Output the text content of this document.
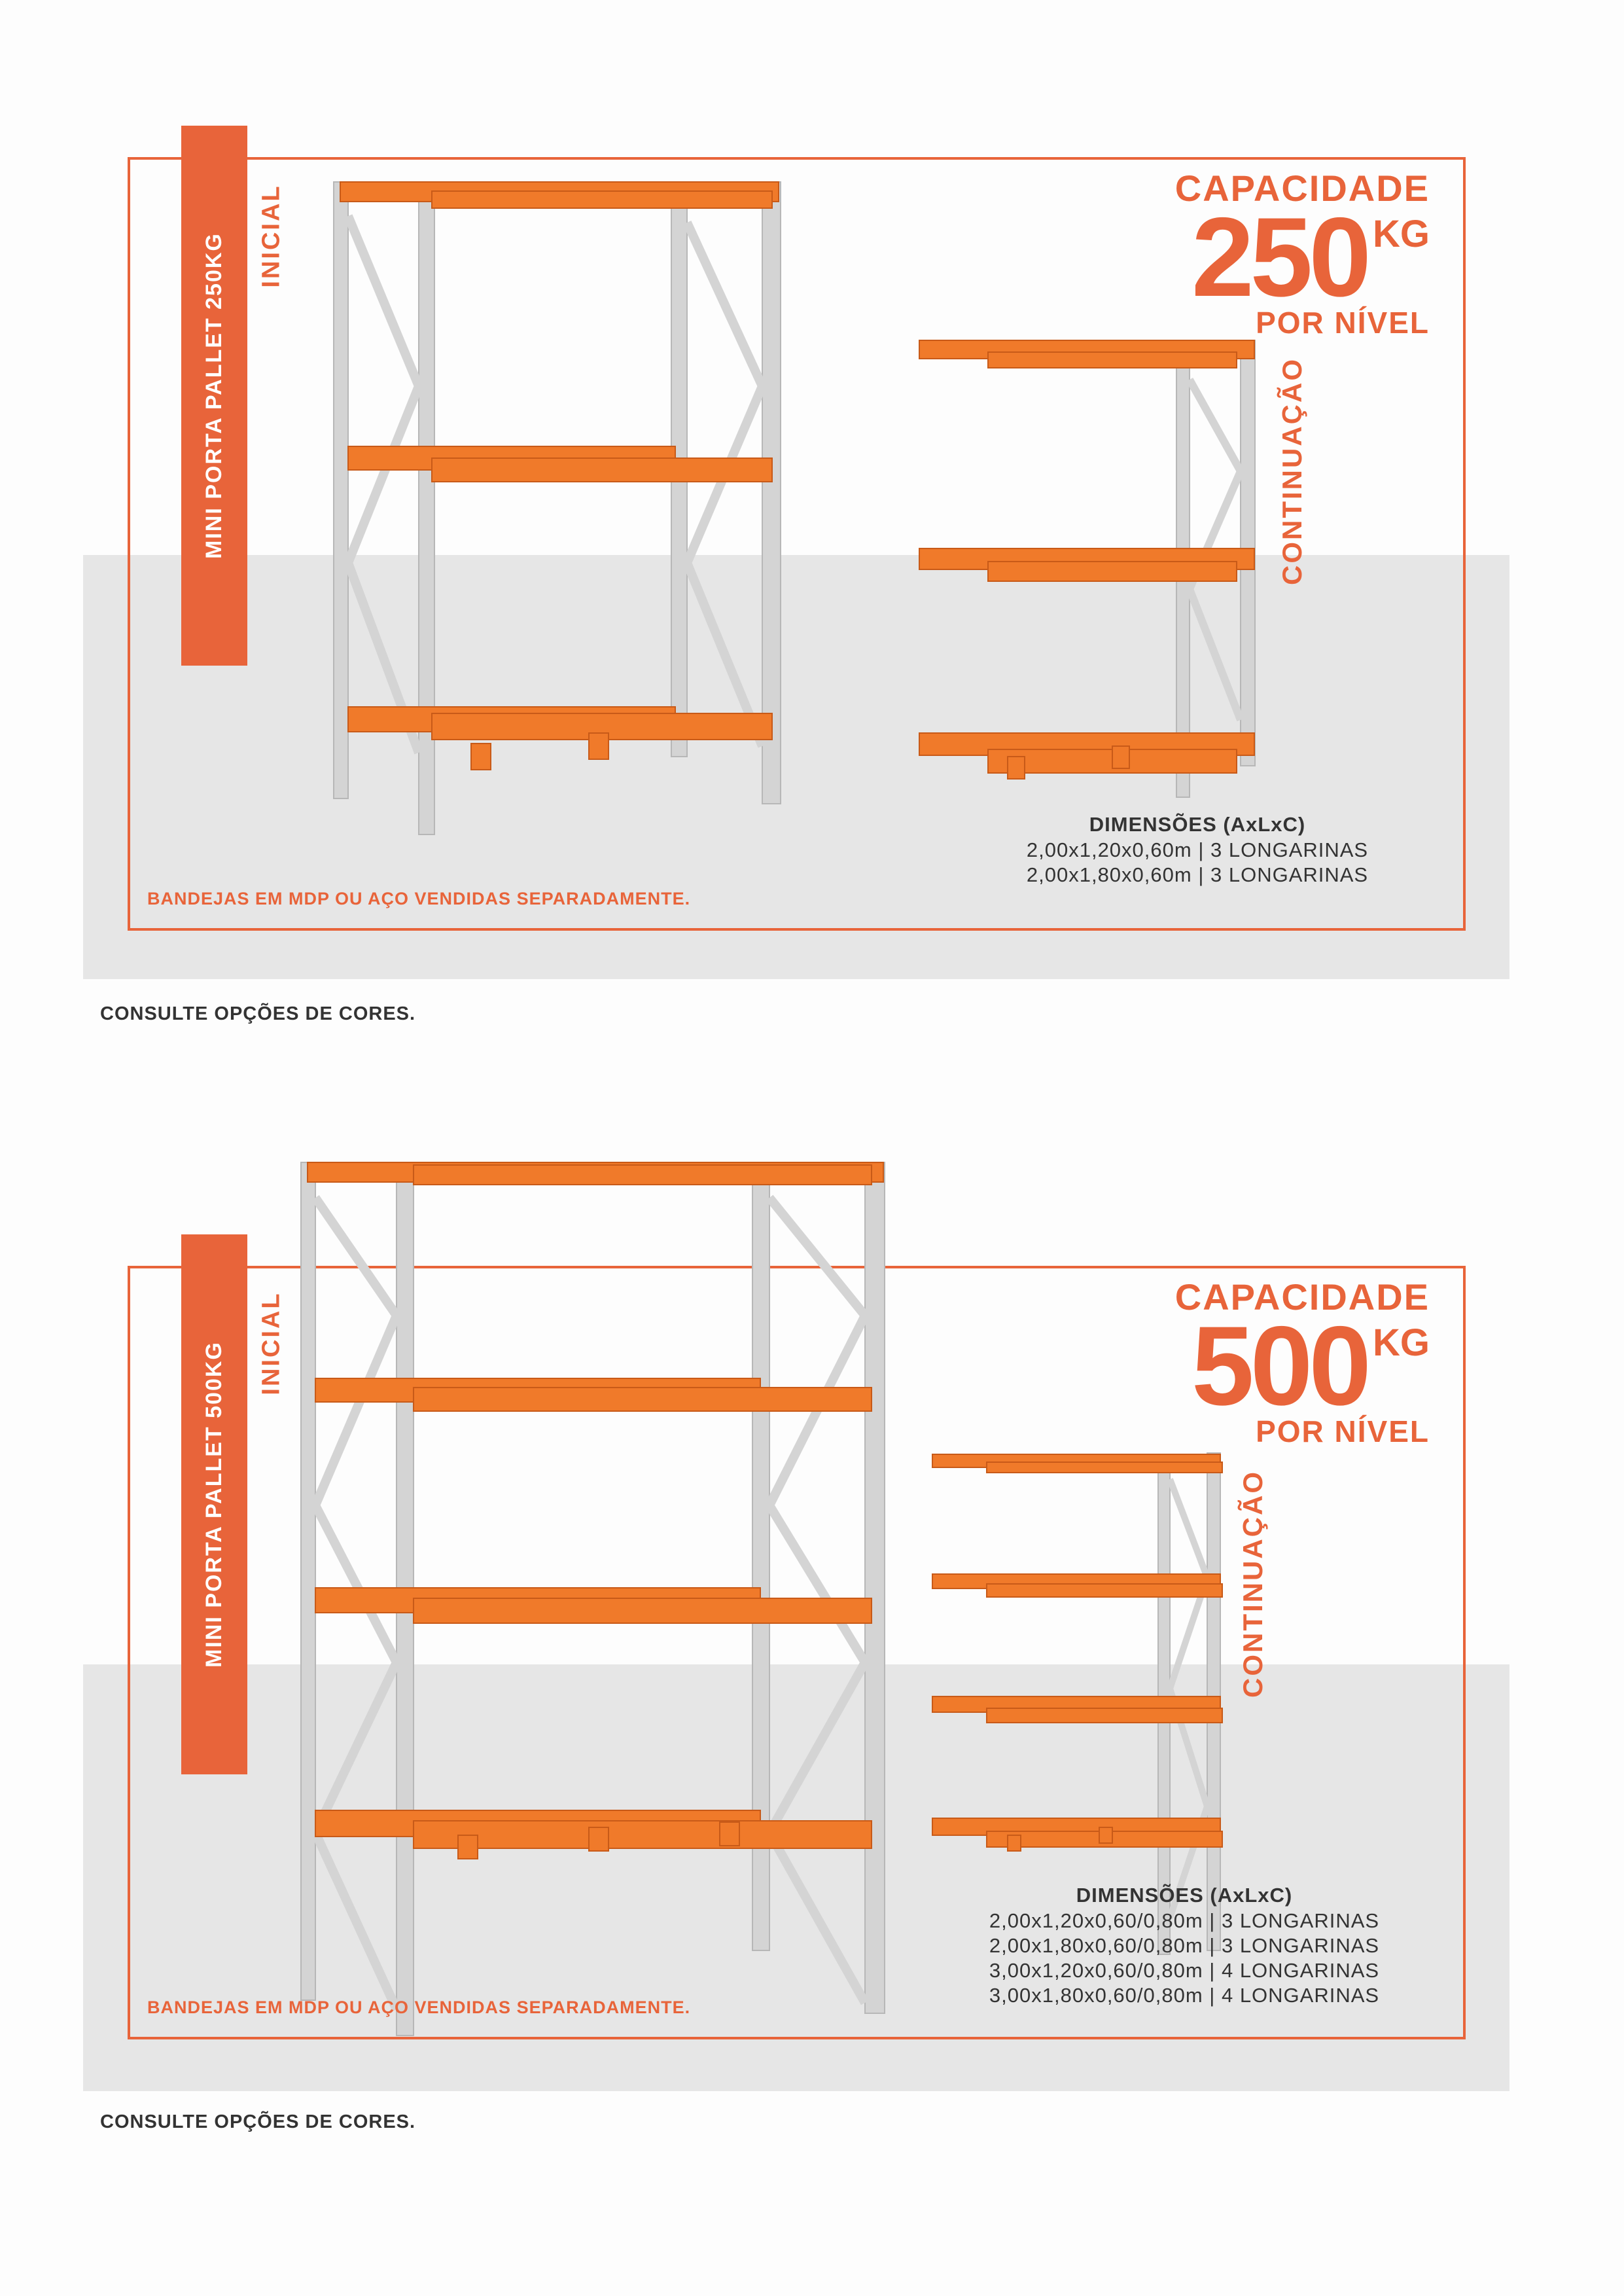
MINI PORTA PALLET 250KG INICIAL
CONTINUAÇÃO
CAPACIDADE
250 KG
POR NÍVEL
DIMENSÕES (AxLxC)
2,00x1,20x0,60m | 3 LONGARINAS
2,00x1,80x0,60m | 3 LONGARINAS
BANDEJAS EM MDP OU AÇO VENDIDAS SEPARADAMENTE.
CONSULTE OPÇÕES DE CORES.
MINI PORTA PALLET 500KG INICIAL
CONTINUAÇÃO
CAPACIDADE
500 KG
POR NÍVEL
DIMENSÕES (AxLxC)
2,00x1,20x0,60/0,80m | 3 LONGARINAS
2,00x1,80x0,60/0,80m | 3 LONGARINAS
3,00x1,20x0,60/0,80m | 4 LONGARINAS
3,00x1,80x0,60/0,80m | 4 LONGARINAS
BANDEJAS EM MDP OU AÇO VENDIDAS SEPARADAMENTE.
CONSULTE OPÇÕES DE CORES.
